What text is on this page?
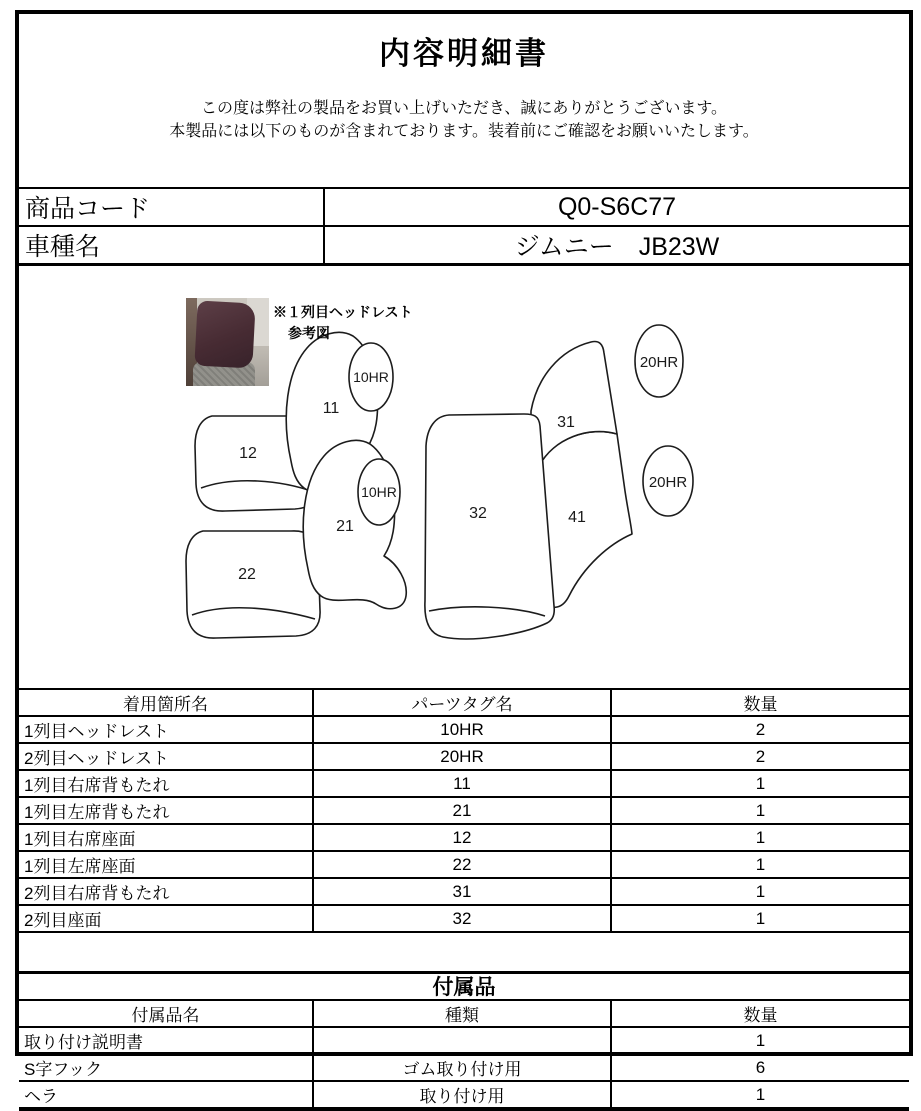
内容明細書

この度は弊社の製品をお買い上げいただき、誠にありがとうございます。

本製品には以下のものが含まれております。装着前にご確認をお願いいたします。

商品コード	Q0-S6C77
車種名	ジムニー　JB23W
10HR
10HR
11
12
21
22
31
32	41
20HR
20HR
※１列目ヘッドレスト
参考図
着用箇所名	パーツタグ名	数量
1列目ヘッドレスト	10HR	2
2列目ヘッドレスト	20HR	2
1列目右席背もたれ	11	1
1列目左席背もたれ	21	1
1列目右席座面	12	1
1列目左席座面	22	1
2列目右席背もたれ	31	1
2列目座面	32	1
付属品
付属品名	種類	数量
取り付け説明書		1
S字フック	ゴム取り付け用	6
ヘラ	取り付け用	1
